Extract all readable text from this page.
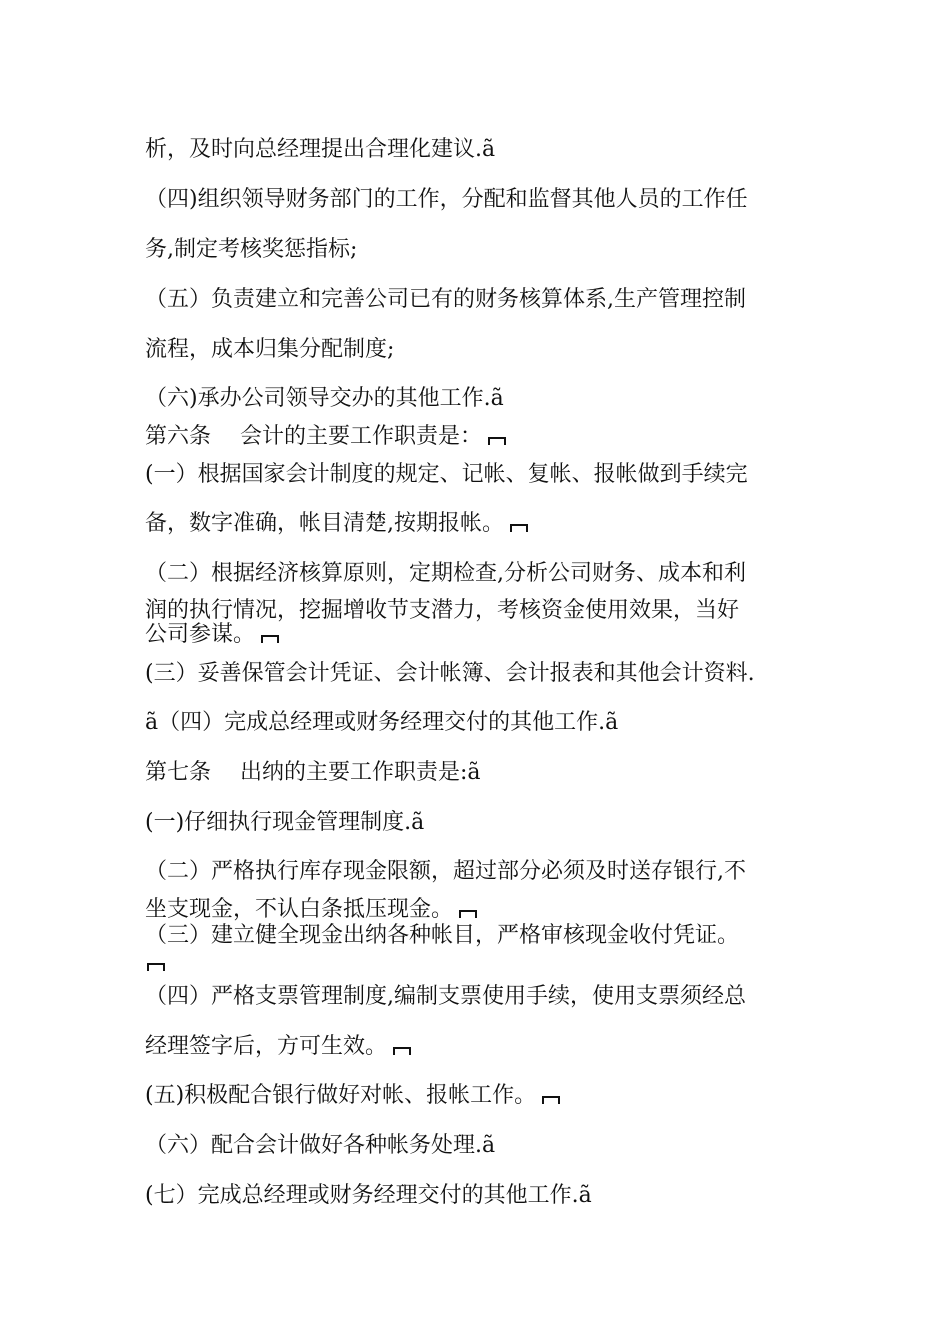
析，及时向总经理提出合理化建议.ã
（四)组织领导财务部门的工作，分配和监督其他人员的工作任
务,制定考核奖惩指标;
（五）负责建立和完善公司已有的财务核算体系,生产管理控制
流程，成本归集分配制度;
（六)承办公司领导交办的其他工作.ã
第六条　 会计的主要工作职责是：
(一）根据国家会计制度的规定、记帐、复帐、报帐做到手续完
备，数字准确，帐目清楚,按期报帐。
（二）根据经济核算原则，定期检查,分析公司财务、成本和利
润的执行情况，挖掘增收节支潜力，考核资金使用效果，当好
公司参谋。
(三）妥善保管会计凭证、会计帐簿、会计报表和其他会计资料.
ã（四）完成总经理或财务经理交付的其他工作.ã
第七条　 出纳的主要工作职责是:ã
(一)仔细执行现金管理制度.ã
（二）严格执行库存现金限额，超过部分必须及时送存银行,不
坐支现金，不认白条抵压现金。
（三）建立健全现金出纳各种帐目，严格审核现金收付凭证。
（四）严格支票管理制度,编制支票使用手续，使用支票须经总
经理签字后，方可生效。
(五)积极配合银行做好对帐、报帐工作。
（六）配合会计做好各种帐务处理.ã
(七）完成总经理或财务经理交付的其他工作.ã
